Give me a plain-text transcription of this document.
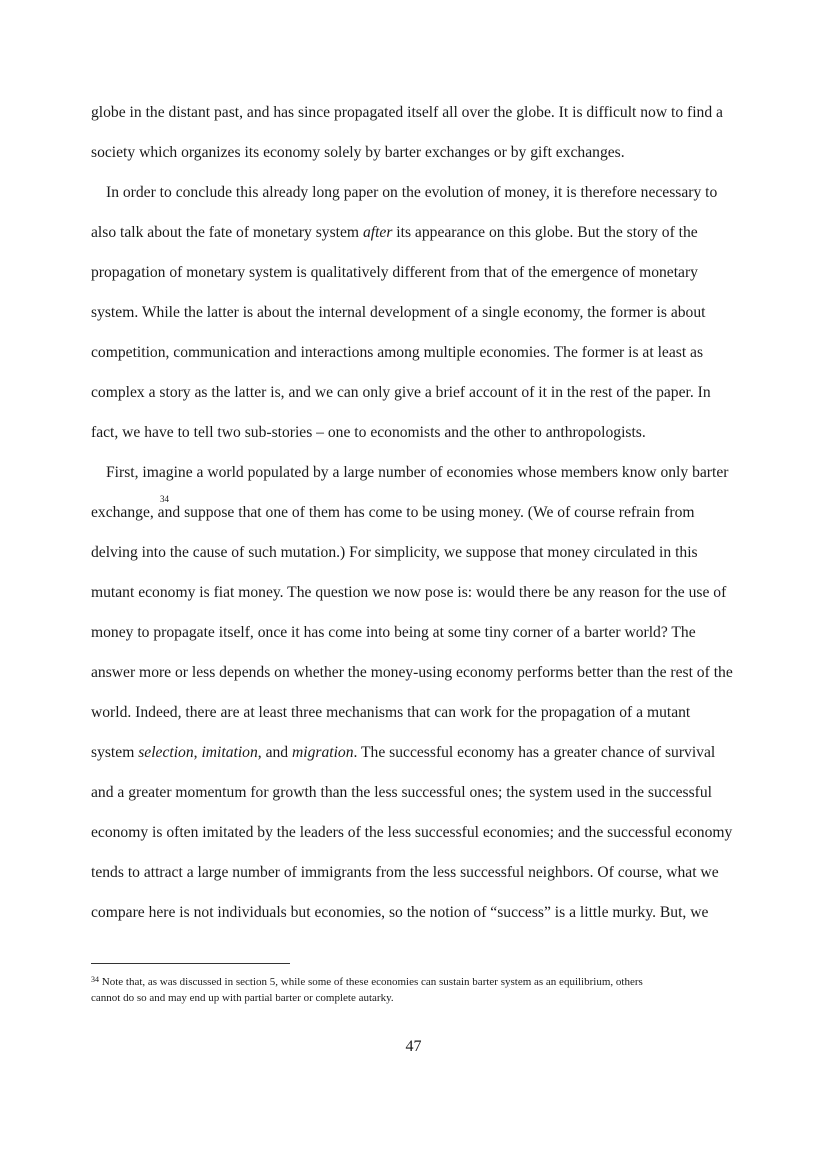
globe in the distant past, and has since propagated itself all over the globe. It is difficult now to find a

society which organizes its economy solely by barter exchanges or by gift exchanges.

In order to conclude this already long paper on the evolution of money, it is therefore necessary to

also talk about the fate of monetary system after its appearance on this globe. But the story of the

propagation of monetary system is qualitatively different from that of the emergence of monetary

system. While the latter is about the internal development of a single economy, the former is about

competition, communication and interactions among multiple economies. The former is at least as

complex a story as the latter is, and we can only give a brief account of it in the rest of the paper. In

fact, we have to tell two sub-stories – one to economists and the other to anthropologists.

First, imagine a world populated by a large number of economies whose members know only barter

exchange, and suppose that one of them has come to be using money. (We of course refrain from

34

delving into the cause of such mutation.) For simplicity, we suppose that money circulated in this

mutant economy is fiat money. The question we now pose is: would there be any reason for the use of

money to propagate itself, once it has come into being at some tiny corner of a barter world? The

answer more or less depends on whether the money-using economy performs better than the rest of the

world. Indeed, there are at least three mechanisms that can work for the propagation of a mutant

system selection, imitation, and migration. The successful economy has a greater chance of survival

and a greater momentum for growth than the less successful ones; the system used in the successful

economy is often imitated by the leaders of the less successful economies; and the successful economy

tends to attract a large number of immigrants from the less successful neighbors. Of course, what we

compare here is not individuals but economies, so the notion of “success” is a little murky. But, we

$^{34}$ Note that, as was discussed in section 5, while some of these economies can sustain barter system as an equilibrium, others
cannot do so and may end up with partial barter or complete autarky.

47
